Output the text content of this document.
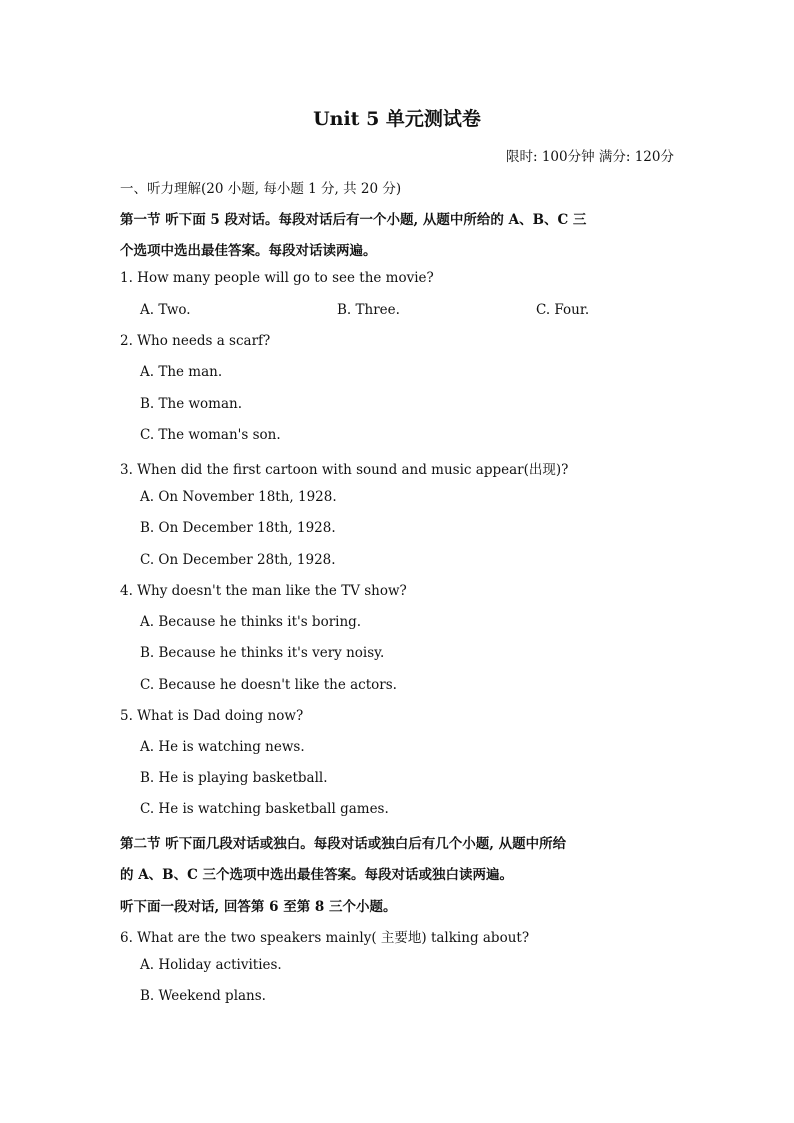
Unit 5 单元测试卷
限时: 100分钟 满分: 120分
一、听力理解(20 小题, 每小题 1 分, 共 20 分)
第一节 听下面 5 段对话。每段对话后有一个小题, 从题中所给的 A、B、C 三
个选项中选出最佳答案。每段对话读两遍。
1. How many people will go to see the movie?
A. Two.	B. Three.	C. Four.
2. Who needs a scarf?
A. The man.
B. The woman.
C. The woman's son.
3. When did the first cartoon with sound and music appear(出现)?
A. On November 18th, 1928.
B. On December 18th, 1928.
C. On December 28th, 1928.
4. Why doesn't the man like the TV show?
A. Because he thinks it's boring.
B. Because he thinks it's very noisy.
C. Because he doesn't like the actors.
5. What is Dad doing now?
A. He is watching news.
B. He is playing basketball.
C. He is watching basketball games.
第二节 听下面几段对话或独白。每段对话或独白后有几个小题, 从题中所给
的 A、B、C 三个选项中选出最佳答案。每段对话或独白读两遍。
听下面一段对话, 回答第 6 至第 8 三个小题。
6. What are the two speakers mainly( 主要地) talking about?
A. Holiday activities.
B. Weekend plans.
